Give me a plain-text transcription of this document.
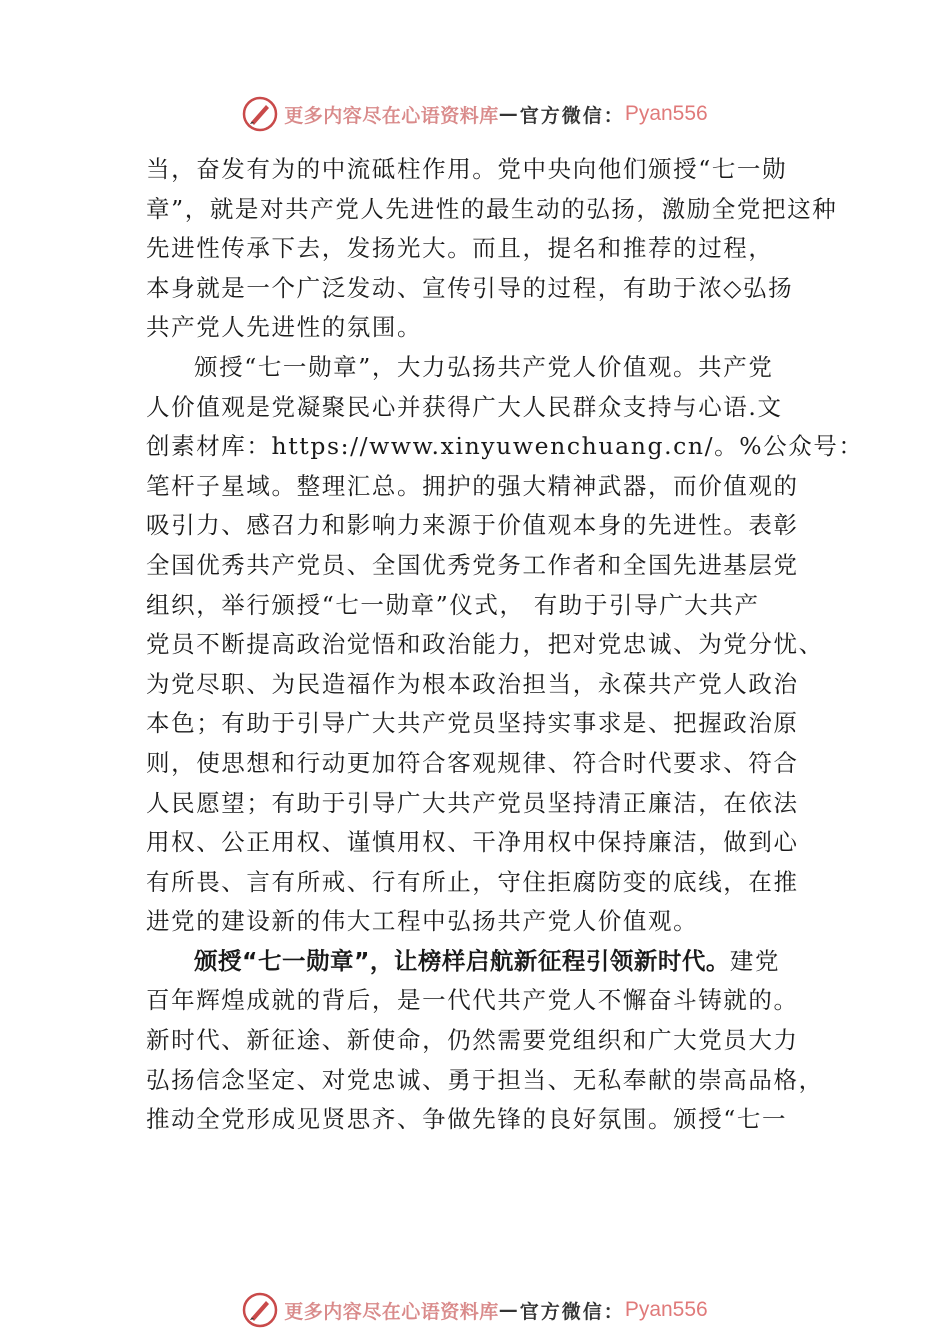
更多内容尽在心语资料库 — 官方微信： Pyan556
当，奋发有为的中流砥柱作用。党中央向他们颁授“七一勋
章”，就是对共产党人先进性的最生动的弘扬，激励全党把这种
先进性传承下去，发扬光大。而且，提名和推荐的过程，
本身就是一个广泛发动、宣传引导的过程，有助于浓◇弘扬
共产党人先进性的氛围。
颁授“七一勋章”，大力弘扬共产党人价值观。共产党
人价值观是党凝聚民心并获得广大人民群众支持与心语.文
创素材库：https://www.xinyuwenchuang.cn/。%公众号：
笔杆子星域。整理汇总。拥护的强大精神武器，而价值观的
吸引力、感召力和影响力来源于价值观本身的先进性。表彰
全国优秀共产党员、全国优秀党务工作者和全国先进基层党
组织，举行颁授“七一勋章”仪式， 有助于引导广大共产
党员不断提高政治觉悟和政治能力，把对党忠诚、为党分忧、
为党尽职、为民造福作为根本政治担当，永葆共产党人政治
本色；有助于引导广大共产党员坚持实事求是、把握政治原
则，使思想和行动更加符合客观规律、符合时代要求、符合
人民愿望；有助于引导广大共产党员坚持清正廉洁，在依法
用权、公正用权、谨慎用权、干净用权中保持廉洁，做到心
有所畏、言有所戒、行有所止，守住拒腐防变的底线，在推
进党的建设新的伟大工程中弘扬共产党人价值观。
颁授“七一勋章”，让榜样启航新征程引领新时代。建党
百年辉煌成就的背后，是一代代共产党人不懈奋斗铸就的。
新时代、新征途、新使命，仍然需要党组织和广大党员大力
弘扬信念坚定、对党忠诚、勇于担当、无私奉献的崇高品格，
推动全党形成见贤思齐、争做先锋的良好氛围。颁授“七一
更多内容尽在心语资料库 — 官方微信： Pyan556
